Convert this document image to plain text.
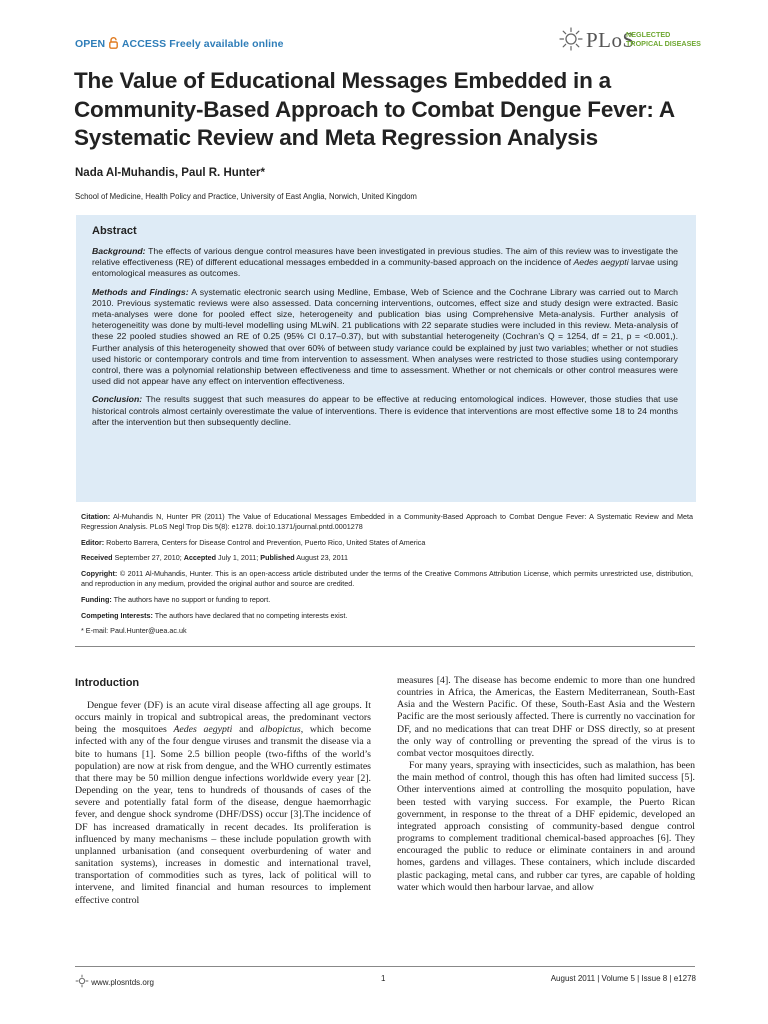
OPEN ACCESS Freely available online	PLoS
NEGLECTED
TROPICAL DISEASES
The Value of Educational Messages Embedded in a Community-Based Approach to Combat Dengue Fever: A Systematic Review and Meta Regression Analysis
Nada Al-Muhandis, Paul R. Hunter*
School of Medicine, Health Policy and Practice, University of East Anglia, Norwich, United Kingdom
Abstract

Background: The effects of various dengue control measures have been investigated in previous studies. The aim of this review was to investigate the relative effectiveness (RE) of different educational messages embedded in a community-based approach on the incidence of Aedes aegypti larvae using entomological measures as outcomes.

Methods and Findings: A systematic electronic search using Medline, Embase, Web of Science and the Cochrane Library was carried out to March 2010. Previous systematic reviews were also assessed. Data concerning interventions, outcomes, effect size and study design were extracted. Basic meta-analyses were done for pooled effect size, heterogeneity and publication bias using Comprehensive Meta-analysis. Further analysis of heterogeneitity was done by multi-level modelling using MLwiN. 21 publications with 22 separate studies were included in this review. Meta-analysis of these 22 pooled studies showed an RE of 0.25 (95% CI 0.17–0.37), but with substantial heterogeneity (Cochran’s Q = 1254, df = 21, p = <0.001,). Further analysis of this heterogeneity showed that over 60% of between study variance could be explained by just two variables; whether or not studies used historic or contemporary controls and time from intervention to assessment. When analyses were restricted to those studies using contemporary control, there was a polynomial relationship between effectiveness and time to assessment. Whether or not chemicals or other control measures were used did not appear have any effect on intervention effectiveness.

Conclusion: The results suggest that such measures do appear to be effective at reducing entomological indices. However, those studies that use historical controls almost certainly overestimate the value of interventions. There is evidence that interventions are most effective some 18 to 24 months after the intervention but then subsequently decline.

Citation: Al-Muhandis N, Hunter PR (2011) The Value of Educational Messages Embedded in a Community-Based Approach to Combat Dengue Fever: A Systematic Review and Meta Regression Analysis. PLoS Negl Trop Dis 5(8): e1278. doi:10.1371/journal.pntd.0001278

Editor: Roberto Barrera, Centers for Disease Control and Prevention, Puerto Rico, United States of America

Received September 27, 2010; Accepted July 1, 2011; Published August 23, 2011

Copyright: © 2011 Al-Muhandis, Hunter. This is an open-access article distributed under the terms of the Creative Commons Attribution License, which permits unrestricted use, distribution, and reproduction in any medium, provided the original author and source are credited.

Funding: The authors have no support or funding to report.

Competing Interests: The authors have declared that no competing interests exist.

* E-mail: Paul.Hunter@uea.ac.uk

Introduction

Dengue fever (DF) is an acute viral disease affecting all age groups. It occurs mainly in tropical and subtropical areas, the predominant vectors being the mosquitoes Aedes aegypti and albopictus, which become infected with any of the four dengue viruses and transmit the disease via a bite to humans [1]. Some 2.5 billion people (two-fifths of the world’s population) are now at risk from dengue, and the WHO currently estimates that there may be 50 million dengue infections worldwide every year [2]. Depending on the year, tens to hundreds of thousands of cases of the severe and potentially fatal form of the disease, dengue haemorrhagic fever, and dengue shock syndrome (DHF/DSS) occur [3].The incidence of DF has increased dramatically in recent decades. Its proliferation is influenced by many mechanisms – these include population growth with unplanned urbanisation (and consequent overburdening of water and sanitation systems), increases in domestic and international travel, transportation of commodities such as tyres, lack of political will to intervene, and limited financial and human resources to implement effective control

measures [4]. The disease has become endemic to more than one hundred countries in Africa, the Americas, the Eastern Mediterranean, South-East Asia and the Western Pacific. Of these, South-East Asia and the Western Pacific are the most seriously affected. There is currently no vaccination for DF, and no medications that can treat DHF or DSS directly, so at present the only way of controlling or preventing the spread of the virus is to combat vector mosquitoes directly.

For many years, spraying with insecticides, such as malathion, has been the main method of control, though this has often had limited success [5]. Other interventions aimed at controlling the mosquito population, have been tested with varying success. For example, the Puerto Rican government, in response to the threat of a DHF epidemic, developed an integrated approach consisting of community-based dengue control programs to complement traditional chemical-based approaches [6]. They encouraged the public to reduce or eliminate containers in and around homes, gardens and villages. These containers, which include discarded plastic packaging, metal cans, and rubber car tyres, are capable of holding water which would then harbour larvae, and allow

www.plosntds.org	1	August 2011 | Volume 5 | Issue 8 | e1278
